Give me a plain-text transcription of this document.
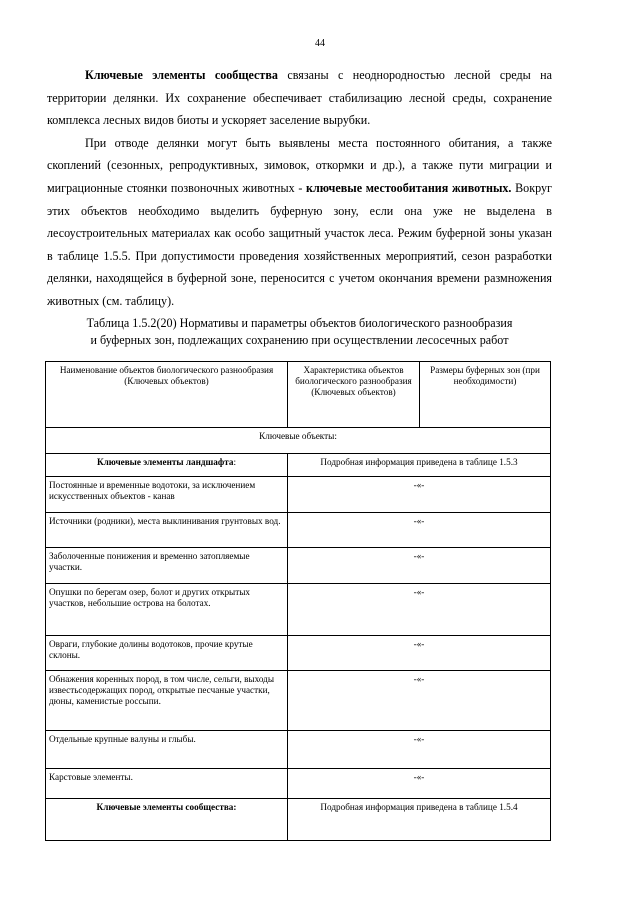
44

Ключевые элементы сообщества связаны с неоднородностью лесной среды на территории делянки. Их сохранение обеспечивает стабилизацию лесной среды, сохранение комплекса лесных видов биоты и ускоряет заселение вырубки.

При отводе делянки могут быть выявлены места постоянного обитания, а также скоплений (сезонных, репродуктивных, зимовок, откормки и др.), а также пути миграции и миграционные стоянки позвоночных животных - ключевые местообитания животных. Вокруг этих объектов необходимо выделить буферную зону, если она уже не выделена в лесоустроительных материалах как особо защитный участок леса. Режим буферной зоны указан в таблице 1.5.5. При допустимости проведения хозяйственных мероприятий, сезон разработки делянки, находящейся в буферной зоне, переносится с учетом окончания времени размножения животных (см. таблицу).

Таблица 1.5.2(20) Нормативы и параметры объектов биологического разнообразия
и буферных зон, подлежащих сохранению при осуществлении лесосечных работ
Наименование объектов биологического разнообразия (Ключевых объектов)	Характеристика объектов биологического разнообразия (Ключевых объектов)	Размеры буферных зон (при необходимости)
Ключевые объекты:		
Ключевые элементы ландшафта:	Подробная информация приведена в таблице 1.5.3	
Постоянные и временные водотоки, за исключением искусственных объектов - канав	-«-	
Источники (родники), места выклинивания грунтовых вод.	-«-	
Заболоченные понижения и временно затопляемые участки.	-«-	
Опушки по берегам озер, болот и других открытых участков, небольшие острова на болотах.	-«-	
Овраги, глубокие долины водотоков, прочие крутые склоны.	-«-	
Обнажения коренных пород, в том числе, сельги, выходы известьсодержащих пород, открытые песчаные участки, дюны, каменистые россыпи.	-«-	
Отдельные крупные валуны и глыбы.	-«-	
Карстовые элементы.	-«-	
Ключевые элементы сообщества:	Подробная информация приведена в таблице 1.5.4	
